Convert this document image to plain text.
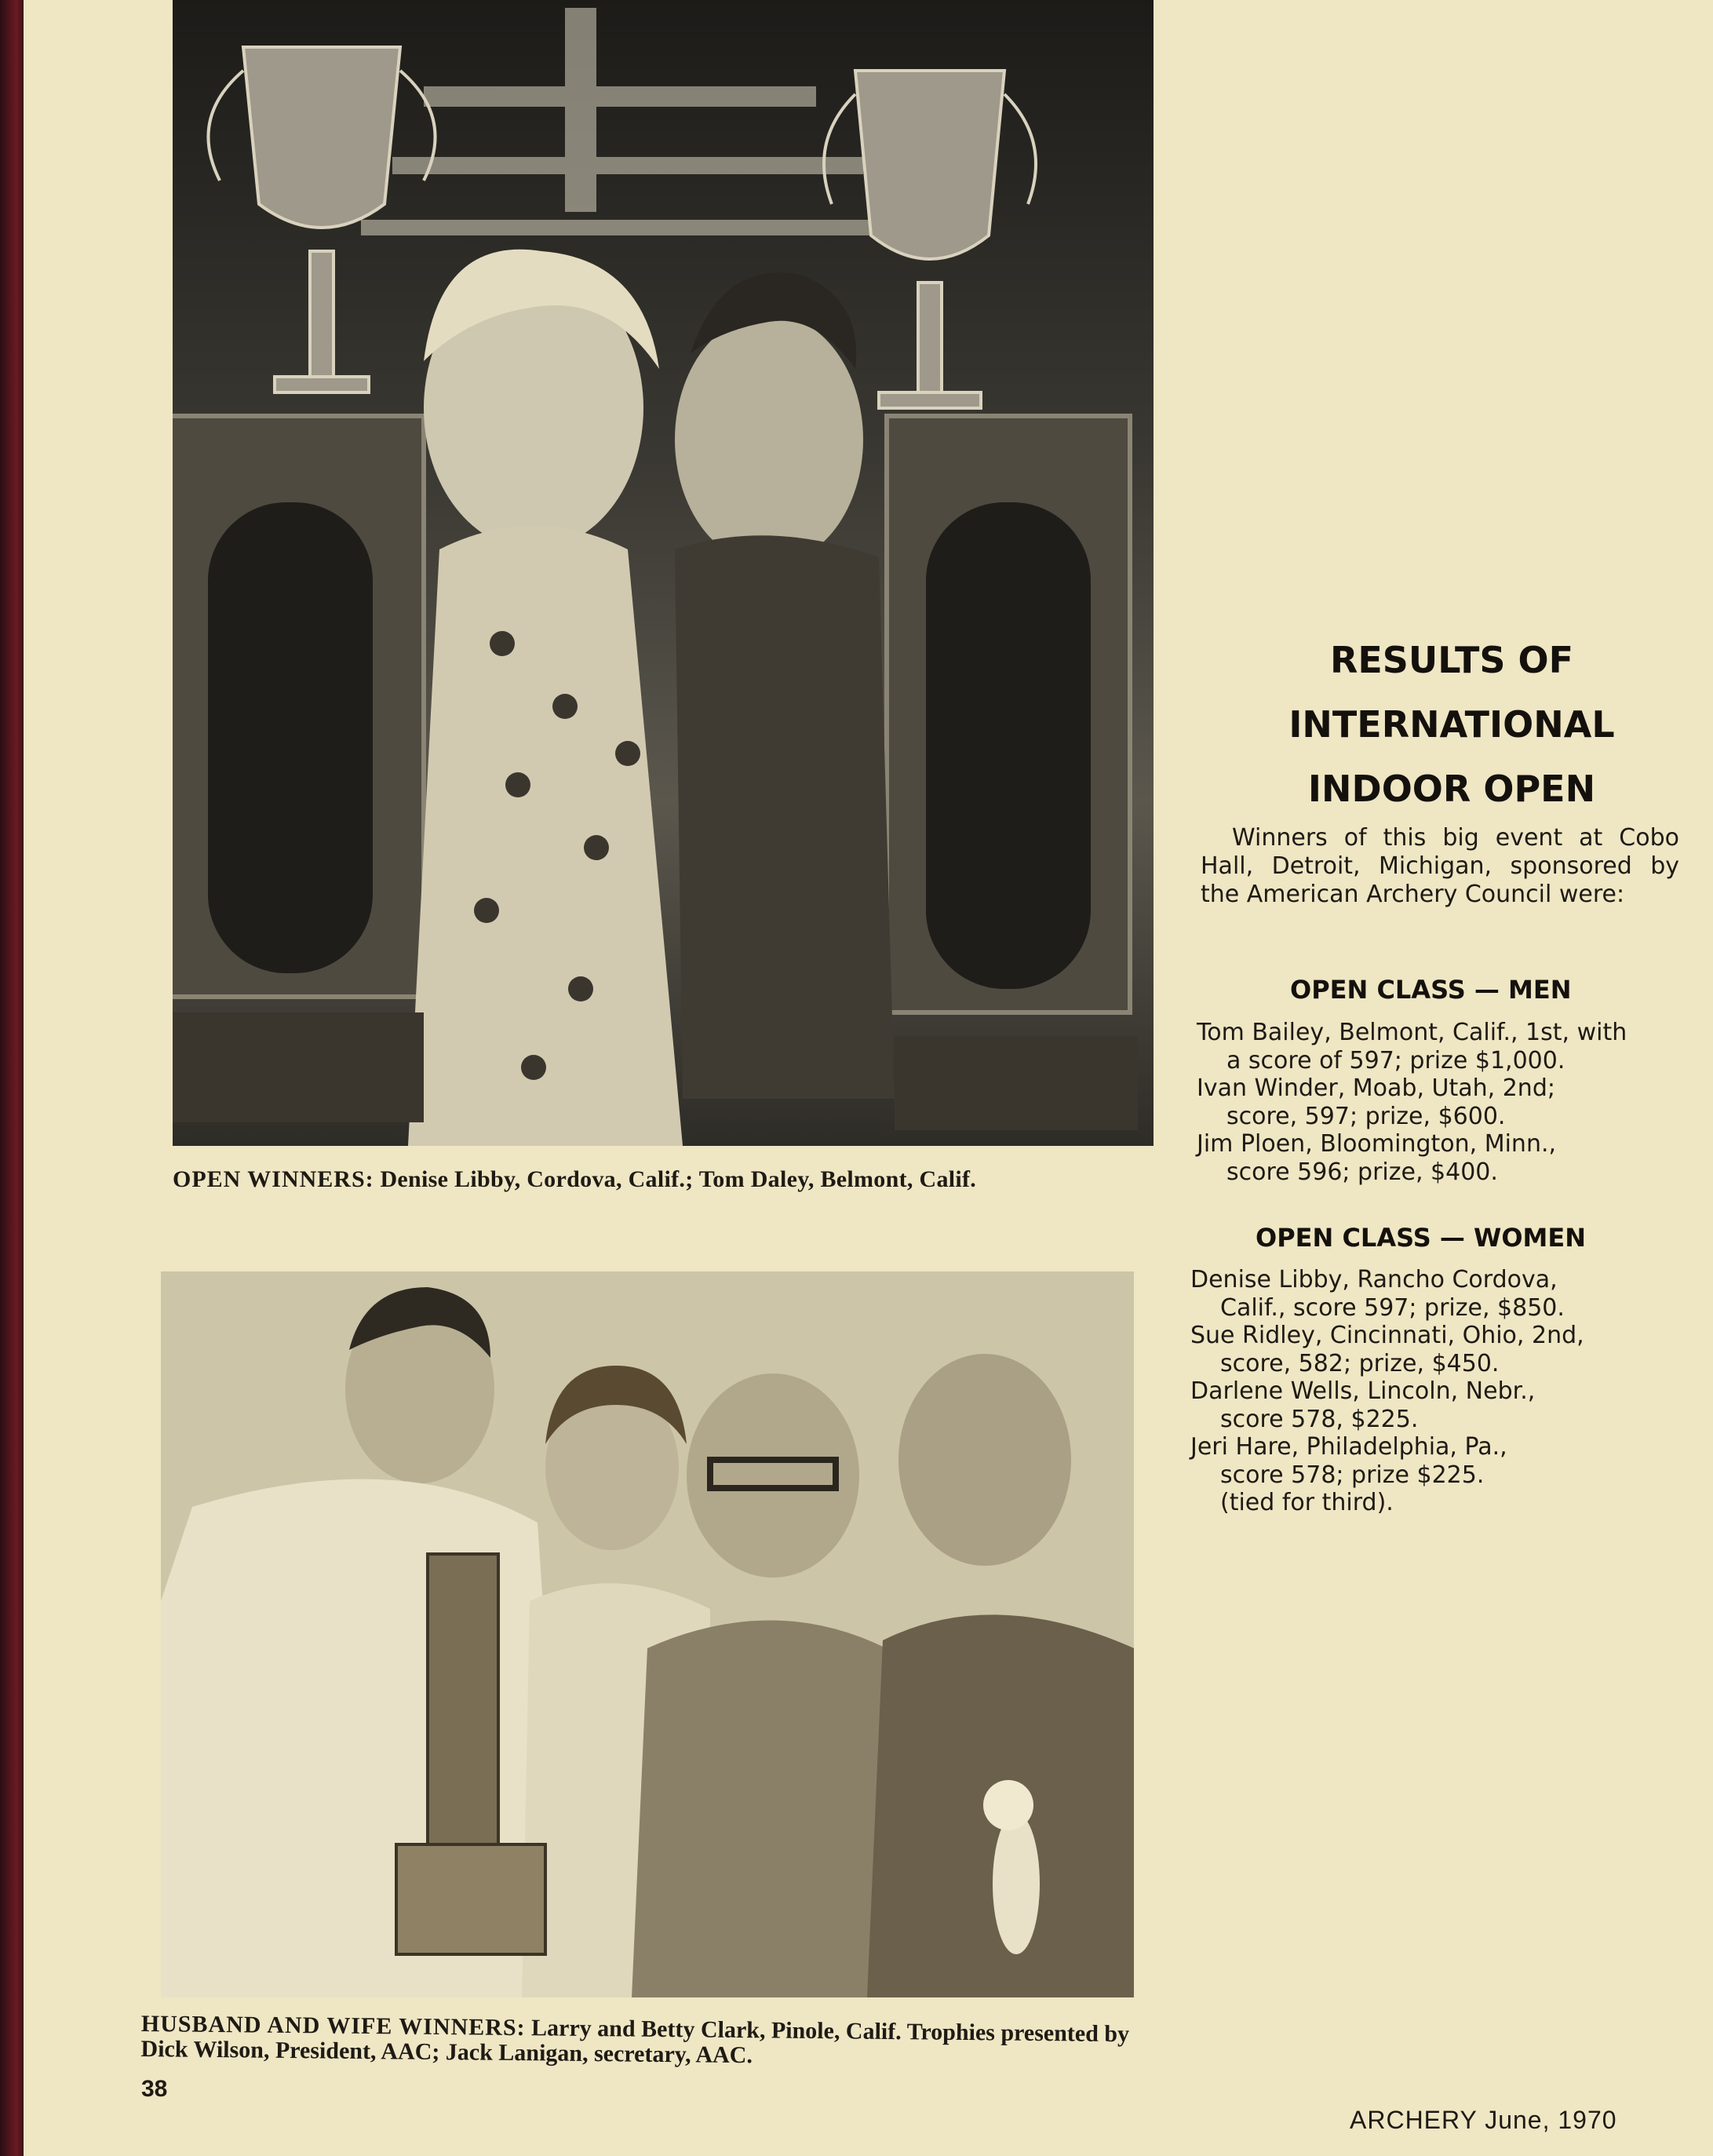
OPEN WINNERS: Denise Libby, Cordova, Calif.; Tom Daley, Belmont, Calif.
HUSBAND AND WIFE WINNERS: Larry and Betty Clark, Pinole, Calif. Trophies presented by Dick Wilson, President, AAC; Jack Lanigan, secretary, AAC.
38
ARCHERY June, 1970
RESULTS OF
INTERNATIONAL
INDOOR OPEN
Winners of this big event at Cobo Hall, Detroit, Michigan, sponsored by the American Archery Council were:
OPEN CLASS — MEN
Tom Bailey, Belmont, Calif., 1st, with
a score of 597; prize $1,000.
Ivan Winder, Moab, Utah, 2nd;
score, 597; prize, $600.
Jim Ploen, Bloomington, Minn.,
score 596; prize, $400.
OPEN CLASS — WOMEN
Denise Libby, Rancho Cordova,
Calif., score 597; prize, $850.
Sue Ridley, Cincinnati, Ohio, 2nd,
score, 582; prize, $450.
Darlene Wells, Lincoln, Nebr.,
score 578, $225.
Jeri Hare, Philadelphia, Pa.,
score 578; prize $225.
(tied for third).
